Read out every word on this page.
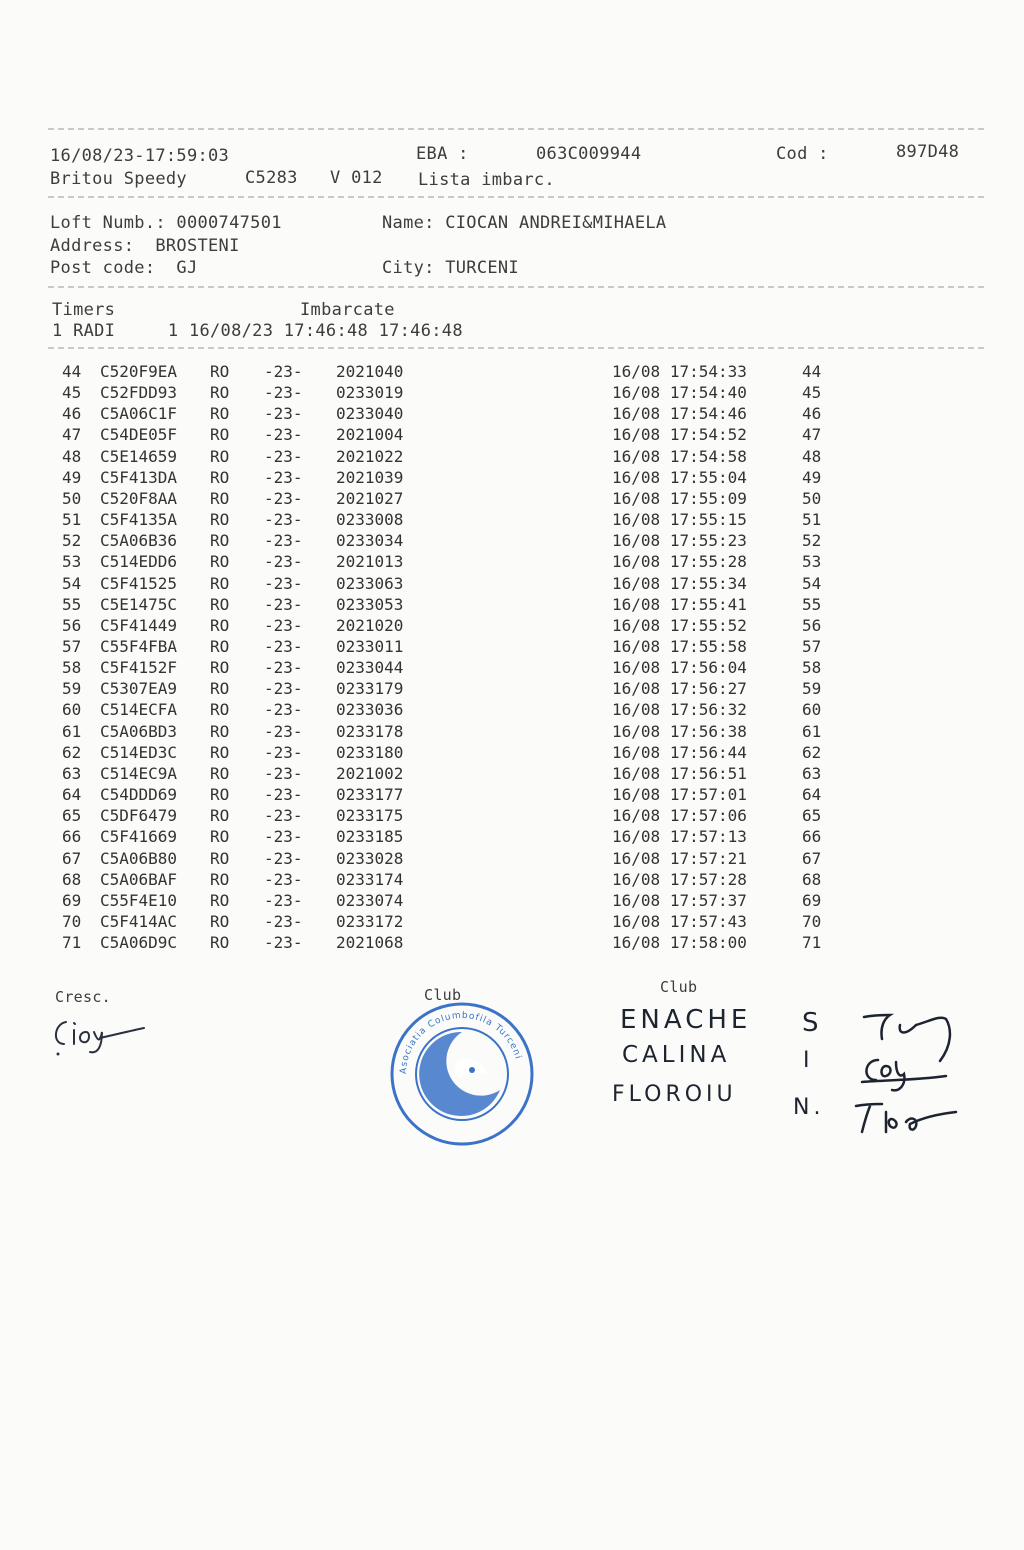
16/08/23-17:59:03	EBA :	063C009944	Cod :	897D48
Britou Speedy	C5283 V 012 Lista imbarc.
Loft Numb.: 0000747501	Name: CIOCAN ANDREI&MIHAELA
Address:  BROSTENI
Post code:  GJ	City: TURCENI
Timers	Imbarcate
1 RADI     1 16/08/23 17:46:48 17:46:48
44 C520F9EA RO -23- 2021040	16/08 17:54:33	44
45 C52FDD93 RO -23- 0233019	16/08 17:54:40	45
46 C5A06C1F RO -23- 0233040	16/08 17:54:46	46
47 C54DE05F RO -23- 2021004	16/08 17:54:52	47
48 C5E14659 RO -23- 2021022	16/08 17:54:58	48
49 C5F413DA RO -23- 2021039	16/08 17:55:04	49
50 C520F8AA RO -23- 2021027	16/08 17:55:09	50
51 C5F4135A RO -23- 0233008	16/08 17:55:15	51
52 C5A06B36 RO -23- 0233034	16/08 17:55:23	52
53 C514EDD6 RO -23- 2021013	16/08 17:55:28	53
54 C5F41525 RO -23- 0233063	16/08 17:55:34	54
55 C5E1475C RO -23- 0233053	16/08 17:55:41	55
56 C5F41449 RO -23- 2021020	16/08 17:55:52	56
57 C55F4FBA RO -23- 0233011	16/08 17:55:58	57
58 C5F4152F RO -23- 0233044	16/08 17:56:04	58
59 C5307EA9 RO -23- 0233179	16/08 17:56:27	59
60 C514ECFA RO -23- 0233036	16/08 17:56:32	60
61 C5A06BD3 RO -23- 0233178	16/08 17:56:38	61
62 C514ED3C RO -23- 0233180	16/08 17:56:44	62
63 C514EC9A RO -23- 2021002	16/08 17:56:51	63
64 C54DDD69 RO -23- 0233177	16/08 17:57:01	64
65 C5DF6479 RO -23- 0233175	16/08 17:57:06	65
66 C5F41669 RO -23- 0233185	16/08 17:57:13	66
67 C5A06B80 RO -23- 0233028	16/08 17:57:21	67
68 C5A06BAF RO -23- 0233174	16/08 17:57:28	68
69 C55F4E10 RO -23- 0233074	16/08 17:57:37	69
70 C5F414AC RO -23- 0233172	16/08 17:57:43	70
71 C5A06D9C RO -23- 2021068	16/08 17:58:00	71
Cresc.	Club	Club
Asociatia Columbofila Turceni
ENACHE S
CALINA	I
FLOROIU
N.
